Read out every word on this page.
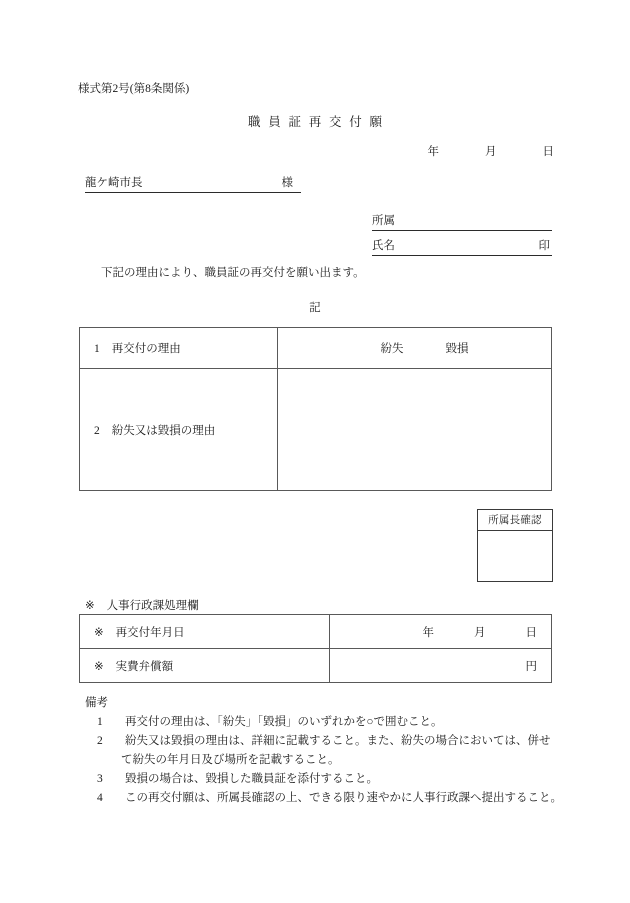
様式第2号(第8条関係)
職員証再交付願
年	月	日
龍ケ崎市長	様
所属
氏名	印
下記の理由により、職員証の再交付を願い出ます。
記
1 再交付の理由	紛失 毀損
2 紛失又は毀損の理由	
所属長確認
※ 人事行政課処理欄
※ 再交付年月日	年 月 日
※ 実費弁償額	円
備考
1	再交付の理由は、「紛失」「毀損」のいずれかを○で囲むこと。
2	紛失又は毀損の理由は、詳細に記載すること。また、紛失の場合においては、併せ
て紛失の年月日及び場所を記載すること。
3	毀損の場合は、毀損した職員証を添付すること。
4	この再交付願は、所属長確認の上、できる限り速やかに人事行政課へ提出すること。
